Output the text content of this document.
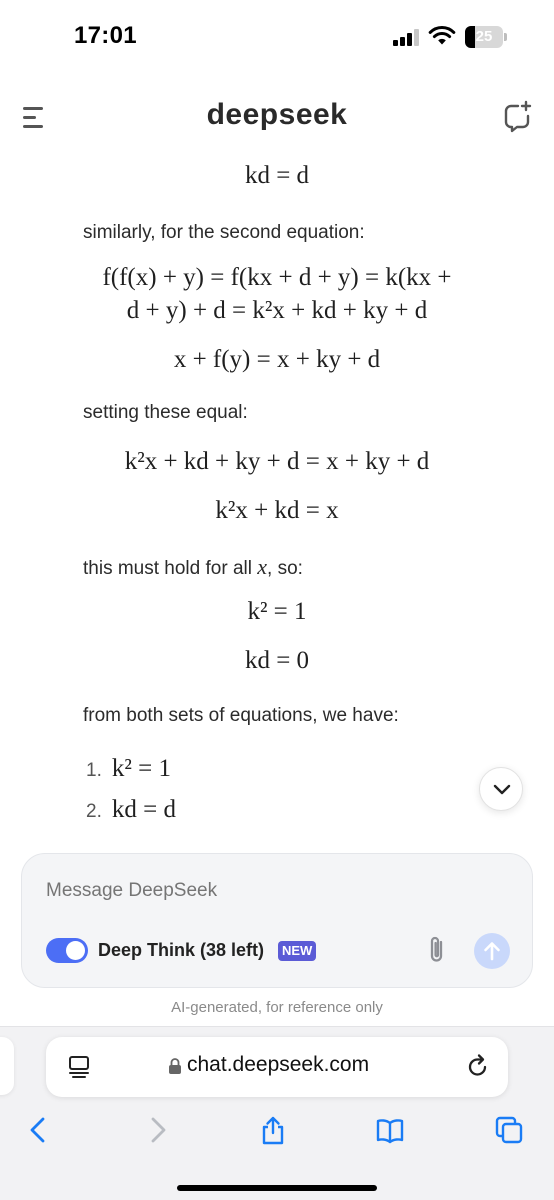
17:01	25
deepseek
kd = d
similarly, for the second equation:
f(f(x) + y) = f(kx + d + y) = k(kx +
d + y) + d = k²x + kd + ky + d
x + f(y) = x + ky + d
setting these equal:
k²x + kd + ky + d = x + ky + d
k²x + kd = x
this must hold for all x, so:
k² = 1
kd = 0
from both sets of equations, we have:
1. k² = 1
2. kd = d
Message DeepSeek
Deep Think (38 left)	NEW
AI-generated, for reference only
chat.deepseek.com
